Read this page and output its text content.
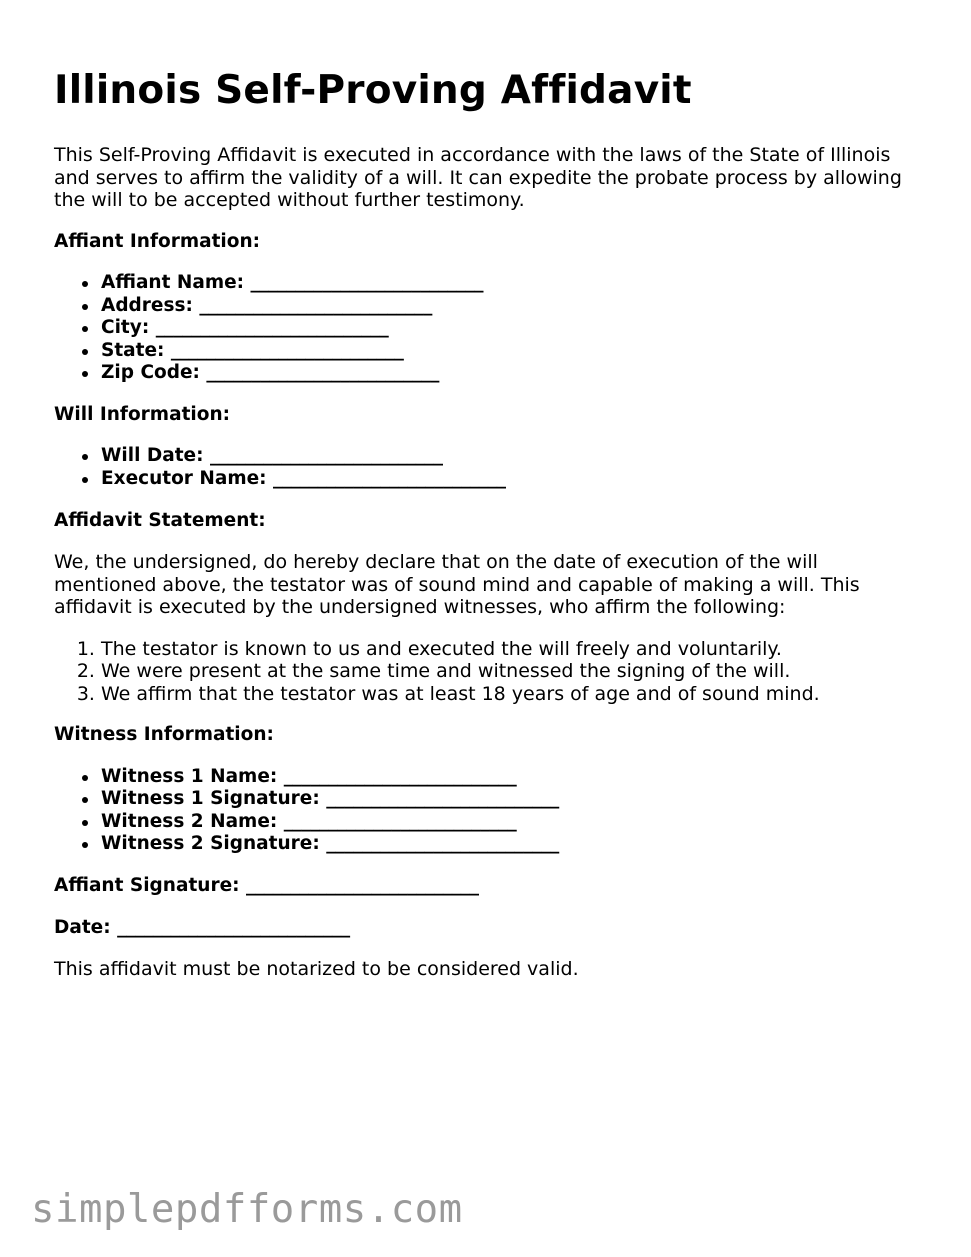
Illinois Self-Proving Affidavit

This Self-Proving Affidavit is executed in accordance with the laws of the State of Illinois and serves to affirm the validity of a will. It can expedite the probate process by allowing the will to be accepted without further testimony.

Affiant Information:
Affiant Name: __________________________
Address: __________________________
City: __________________________
State: __________________________
Zip Code: __________________________
Will Information:
Will Date: __________________________
Executor Name: __________________________
Affidavit Statement:

We, the undersigned, do hereby declare that on the date of execution of the will mentioned above, the testator was of sound mind and capable of making a will. This affidavit is executed by the undersigned witnesses, who affirm the following:

1. The testator is known to us and executed the will freely and voluntarily.
2. We were present at the same time and witnessed the signing of the will.
3. We affirm that the testator was at least 18 years of age and of sound mind.
Witness Information:
Witness 1 Name: __________________________
Witness 1 Signature: __________________________
Witness 2 Name: __________________________
Witness 2 Signature: __________________________
Affiant Signature: __________________________
Date: __________________________

This affidavit must be notarized to be considered valid.

simplepdfforms.com
